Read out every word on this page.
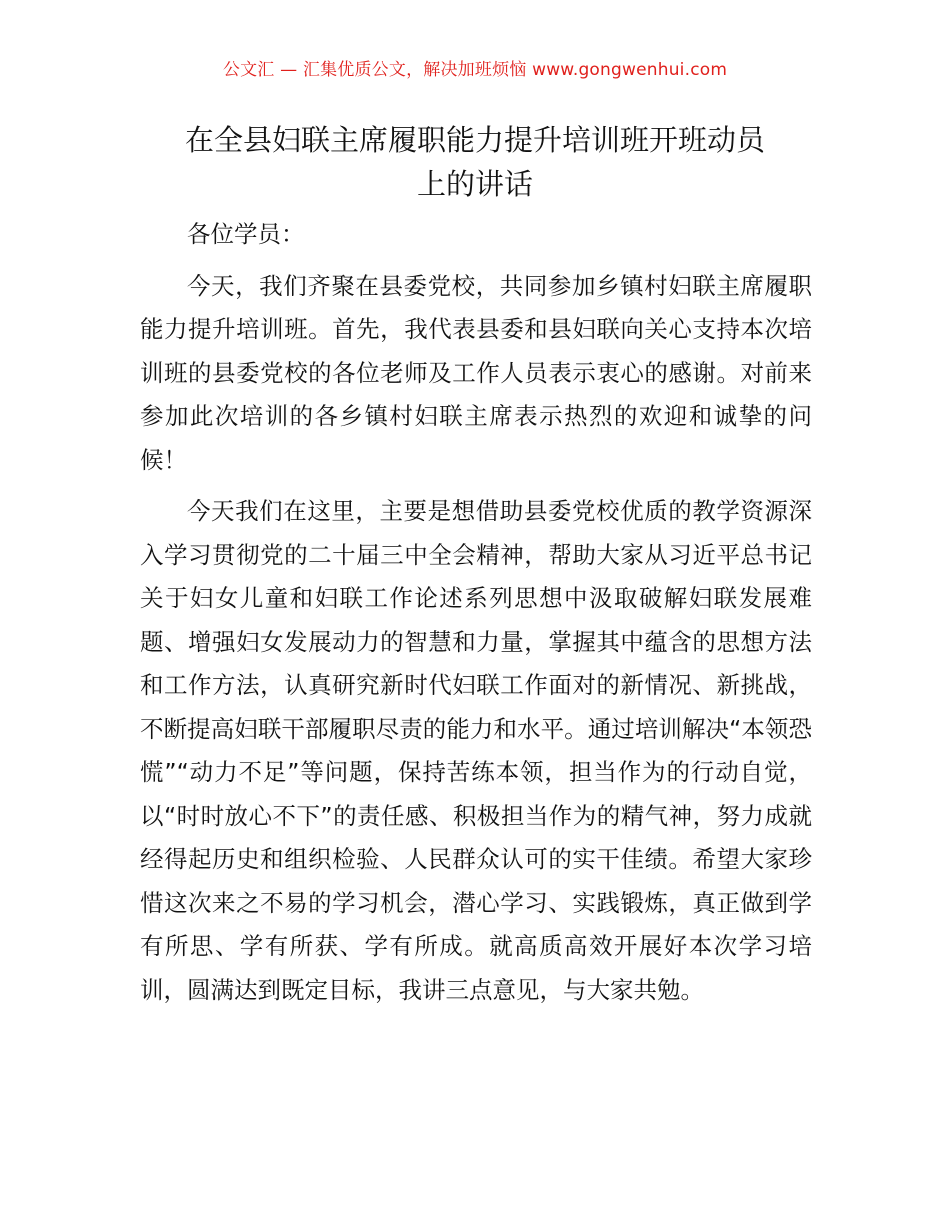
公文汇 — 汇集优质公文，解决加班烦恼 www.gongwenhui.com
在全县妇联主席履职能力提升培训班开班动员
上的讲话

各位学员：

今天，我们齐聚在县委党校，共同参加乡镇村妇联主席履职能力提升培训班。首先，我代表县委和县妇联向关心支持本次培训班的县委党校的各位老师及工作人员表示衷心的感谢。对前来参加此次培训的各乡镇村妇联主席表示热烈的欢迎和诚挚的问候！

今天我们在这里，主要是想借助县委党校优质的教学资源深入学习贯彻党的二十届三中全会精神，帮助大家从习近平总书记关于妇女儿童和妇联工作论述系列思想中汲取破解妇联发展难题、增强妇女发展动力的智慧和力量，掌握其中蕴含的思想方法和工作方法，认真研究新时代妇联工作面对的新情况、新挑战，不断提高妇联干部履职尽责的能力和水平。通过培训解决“本领恐慌”“动力不足”等问题，保持苦练本领，担当作为的行动自觉，以“时时放心不下”的责任感、积极担当作为的精气神，努力成就经得起历史和组织检验、人民群众认可的实干佳绩。希望大家珍惜这次来之不易的学习机会，潜心学习、实践锻炼，真正做到学有所思、学有所获、学有所成。就高质高效开展好本次学习培训，圆满达到既定目标，我讲三点意见，与大家共勉。
